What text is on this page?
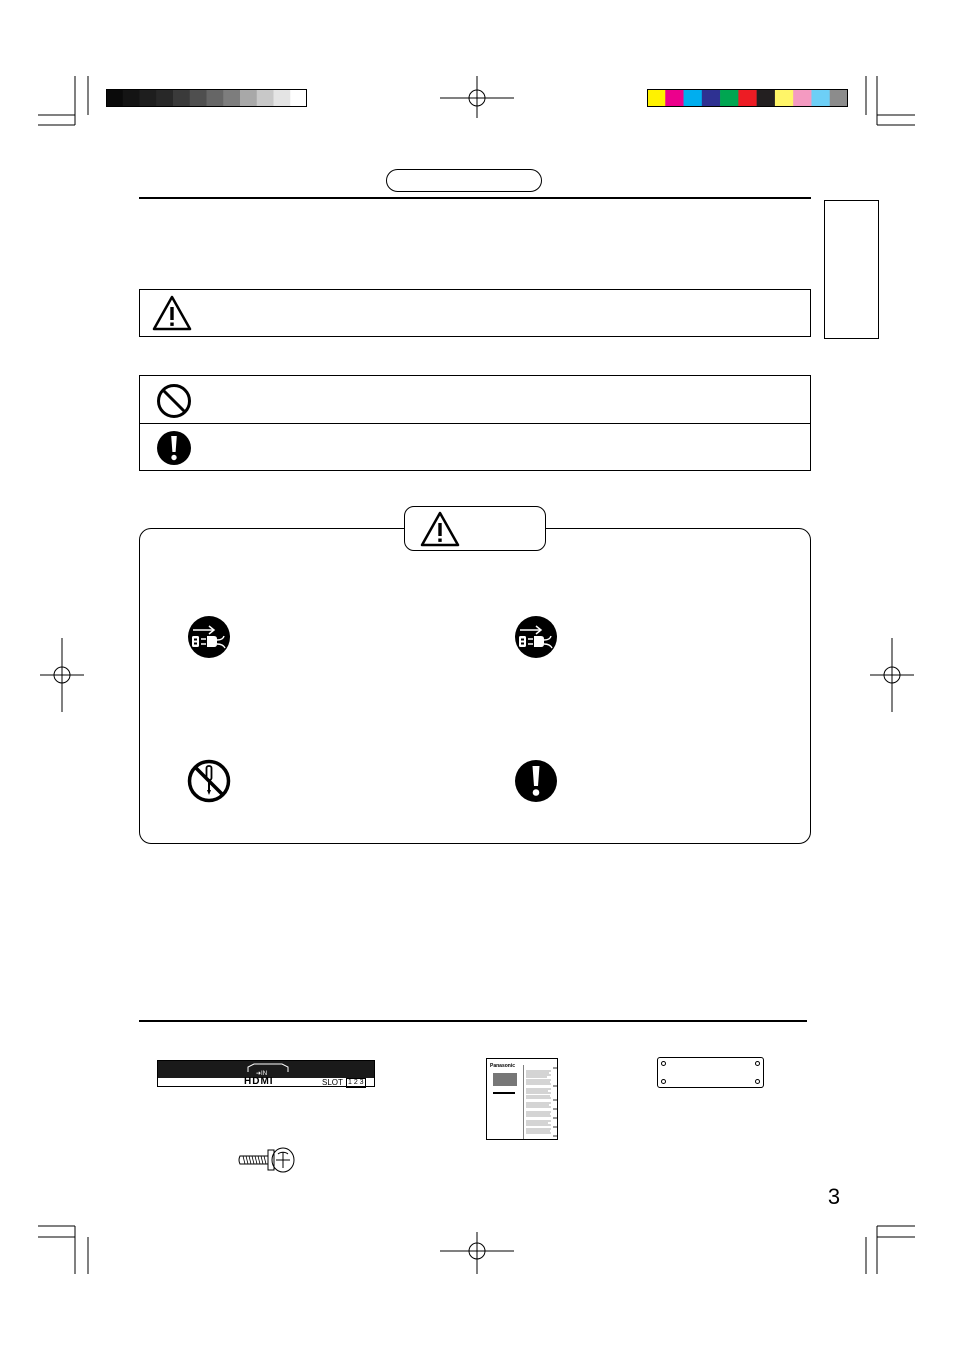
➜IN
HDMI	SLOT 1 2 3
Panasonic
3
